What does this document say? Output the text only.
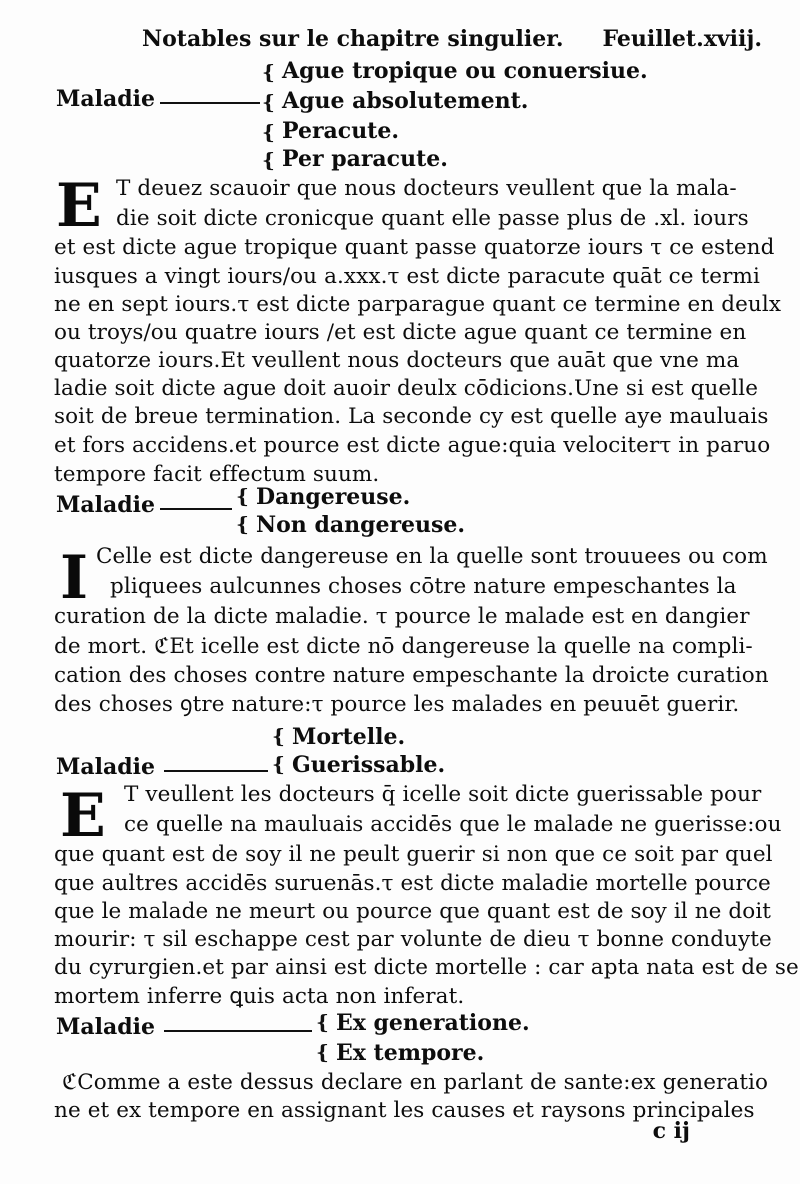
Notables sur le chapitre singulier. Feuillet.xviij.
Maladie
{
{
{
{
Ague tropique ou conuersiue.
Ague absolutement.
Peracute.
Per paracute.
E T deuez scauoir que nous docteurs veullent que la mala-
die soit dicte cronicque quant elle passe plus de .xl. iours
et est dicte ague tropique quant passe quatorze iours τ ce estend
iusques a vingt iours/ou a.xxx.τ est dicte paracute quāt ce termi
ne en sept iours.τ est dicte parparague quant ce termine en deulx
ou troys/ou quatre iours /et est dicte ague quant ce termine en
quatorze iours.Et veullent nous docteurs que auāt que vne ma
ladie soit dicte ague doit auoir deulx cōdicions.Une si est quelle
soit de breue termination. La seconde cy est quelle aye mauluais
et fors accidens.et pource est dicte ague:quia velociterτ in paruo
tempore facit effectum suum.
Maladie	{
{
Dangereuse.
Non dangereuse.
I Celle est dicte dangereuse en la quelle sont trouuees ou com
pliquees aulcunnes choses cōtre nature empeschantes la
curation de la dicte maladie. τ pource le malade est en dangier
de mort. ℭEt icelle est dicte nō dangereuse la quelle na compli-
cation des choses contre nature empeschante la droicte curation
des choses ꝯtre nature:τ pource les malades en peuuēt guerir.
Maladie
{
{
Mortelle.
Guerissable.
E T veullent les docteurs q̄ icelle soit dicte guerissable pour
ce quelle na mauluais accidēs que le malade ne guerisse:ou
que quant est de soy il ne peult guerir si non que ce soit par quel
que aultres accidēs suruenās.τ est dicte maladie mortelle pource
que le malade ne meurt ou pource que quant est de soy il ne doit
mourir: τ sil eschappe cest par volunte de dieu τ bonne conduyte
du cyrurgien.et par ainsi est dicte mortelle : car apta nata est de se
mortem inferre ꝗuis acta non inferat.
Maladie	{
{
Ex generatione.
Ex tempore.
ℭComme a este dessus declare en parlant de sante:ex generatio
ne et ex tempore en assignant les causes et raysons principales
c ij
